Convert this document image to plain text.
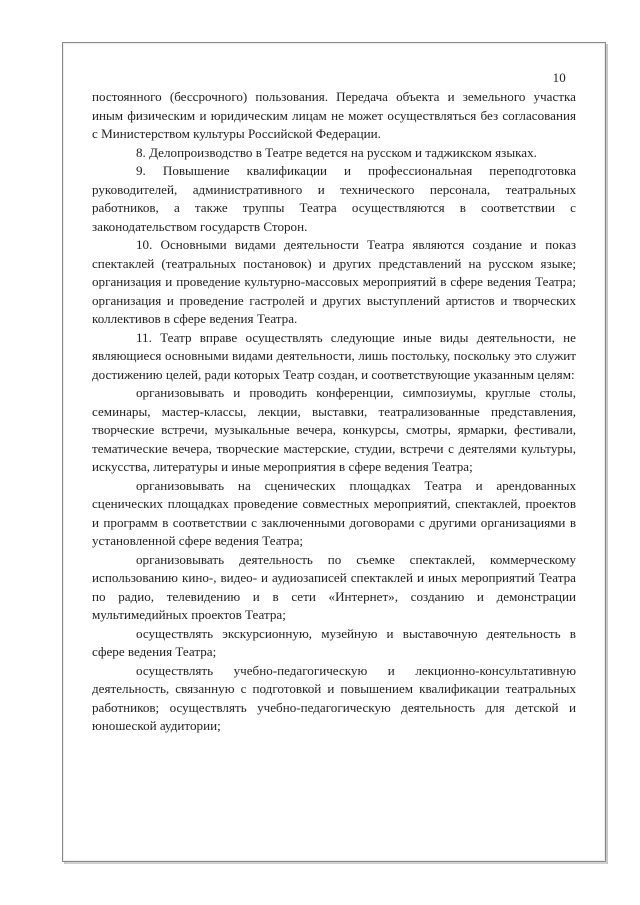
10

постоянного (бессрочного) пользования. Передача объекта и земельного участка иным физическим и юридическим лицам не может осуществляться без согласования с Министерством культуры Российской Федерации.

8. Делопроизводство в Театре ведется на русском и таджикском языках.

9. Повышение квалификации и профессиональная переподготовка руководителей, административного и технического персонала, театральных работников, а также труппы Театра осуществляются в соответствии с законодательством государств Сторон.

10. Основными видами деятельности Театра являются создание и показ спектаклей (театральных постановок) и других представлений на русском языке; организация и проведение культурно-массовых мероприятий в сфере ведения Театра; организация и проведение гастролей и других выступлений артистов и творческих коллективов в сфере ведения Театра.

11. Театр вправе осуществлять следующие иные виды деятельности, не являющиеся основными видами деятельности, лишь постольку, поскольку это служит достижению целей, ради которых Театр создан, и соответствующие указанным целям:

организовывать и проводить конференции, симпозиумы, круглые столы, семинары, мастер-классы, лекции, выставки, театрализованные представления, творческие встречи, музыкальные вечера, конкурсы, смотры, ярмарки, фестивали, тематические вечера, творческие мастерские, студии, встречи с деятелями культуры, искусства, литературы и иные мероприятия в сфере ведения Театра;

организовывать на сценических площадках Театра и арендованных сценических площадках проведение совместных мероприятий, спектаклей, проектов и программ в соответствии с заключенными договорами с другими организациями в установленной сфере ведения Театра;

организовывать деятельность по съемке спектаклей, коммерческому использованию кино-, видео- и аудиозаписей спектаклей и иных мероприятий Театра по радио, телевидению и в сети «Интернет», созданию и демонстрации мультимедийных проектов Театра;

осуществлять экскурсионную, музейную и выставочную деятельность в сфере ведения Театра;

осуществлять учебно-педагогическую и лекционно-консультативную деятельность, связанную с подготовкой и повышением квалификации театральных работников; осуществлять учебно-педагогическую деятельность для детской и юношеской аудитории;
